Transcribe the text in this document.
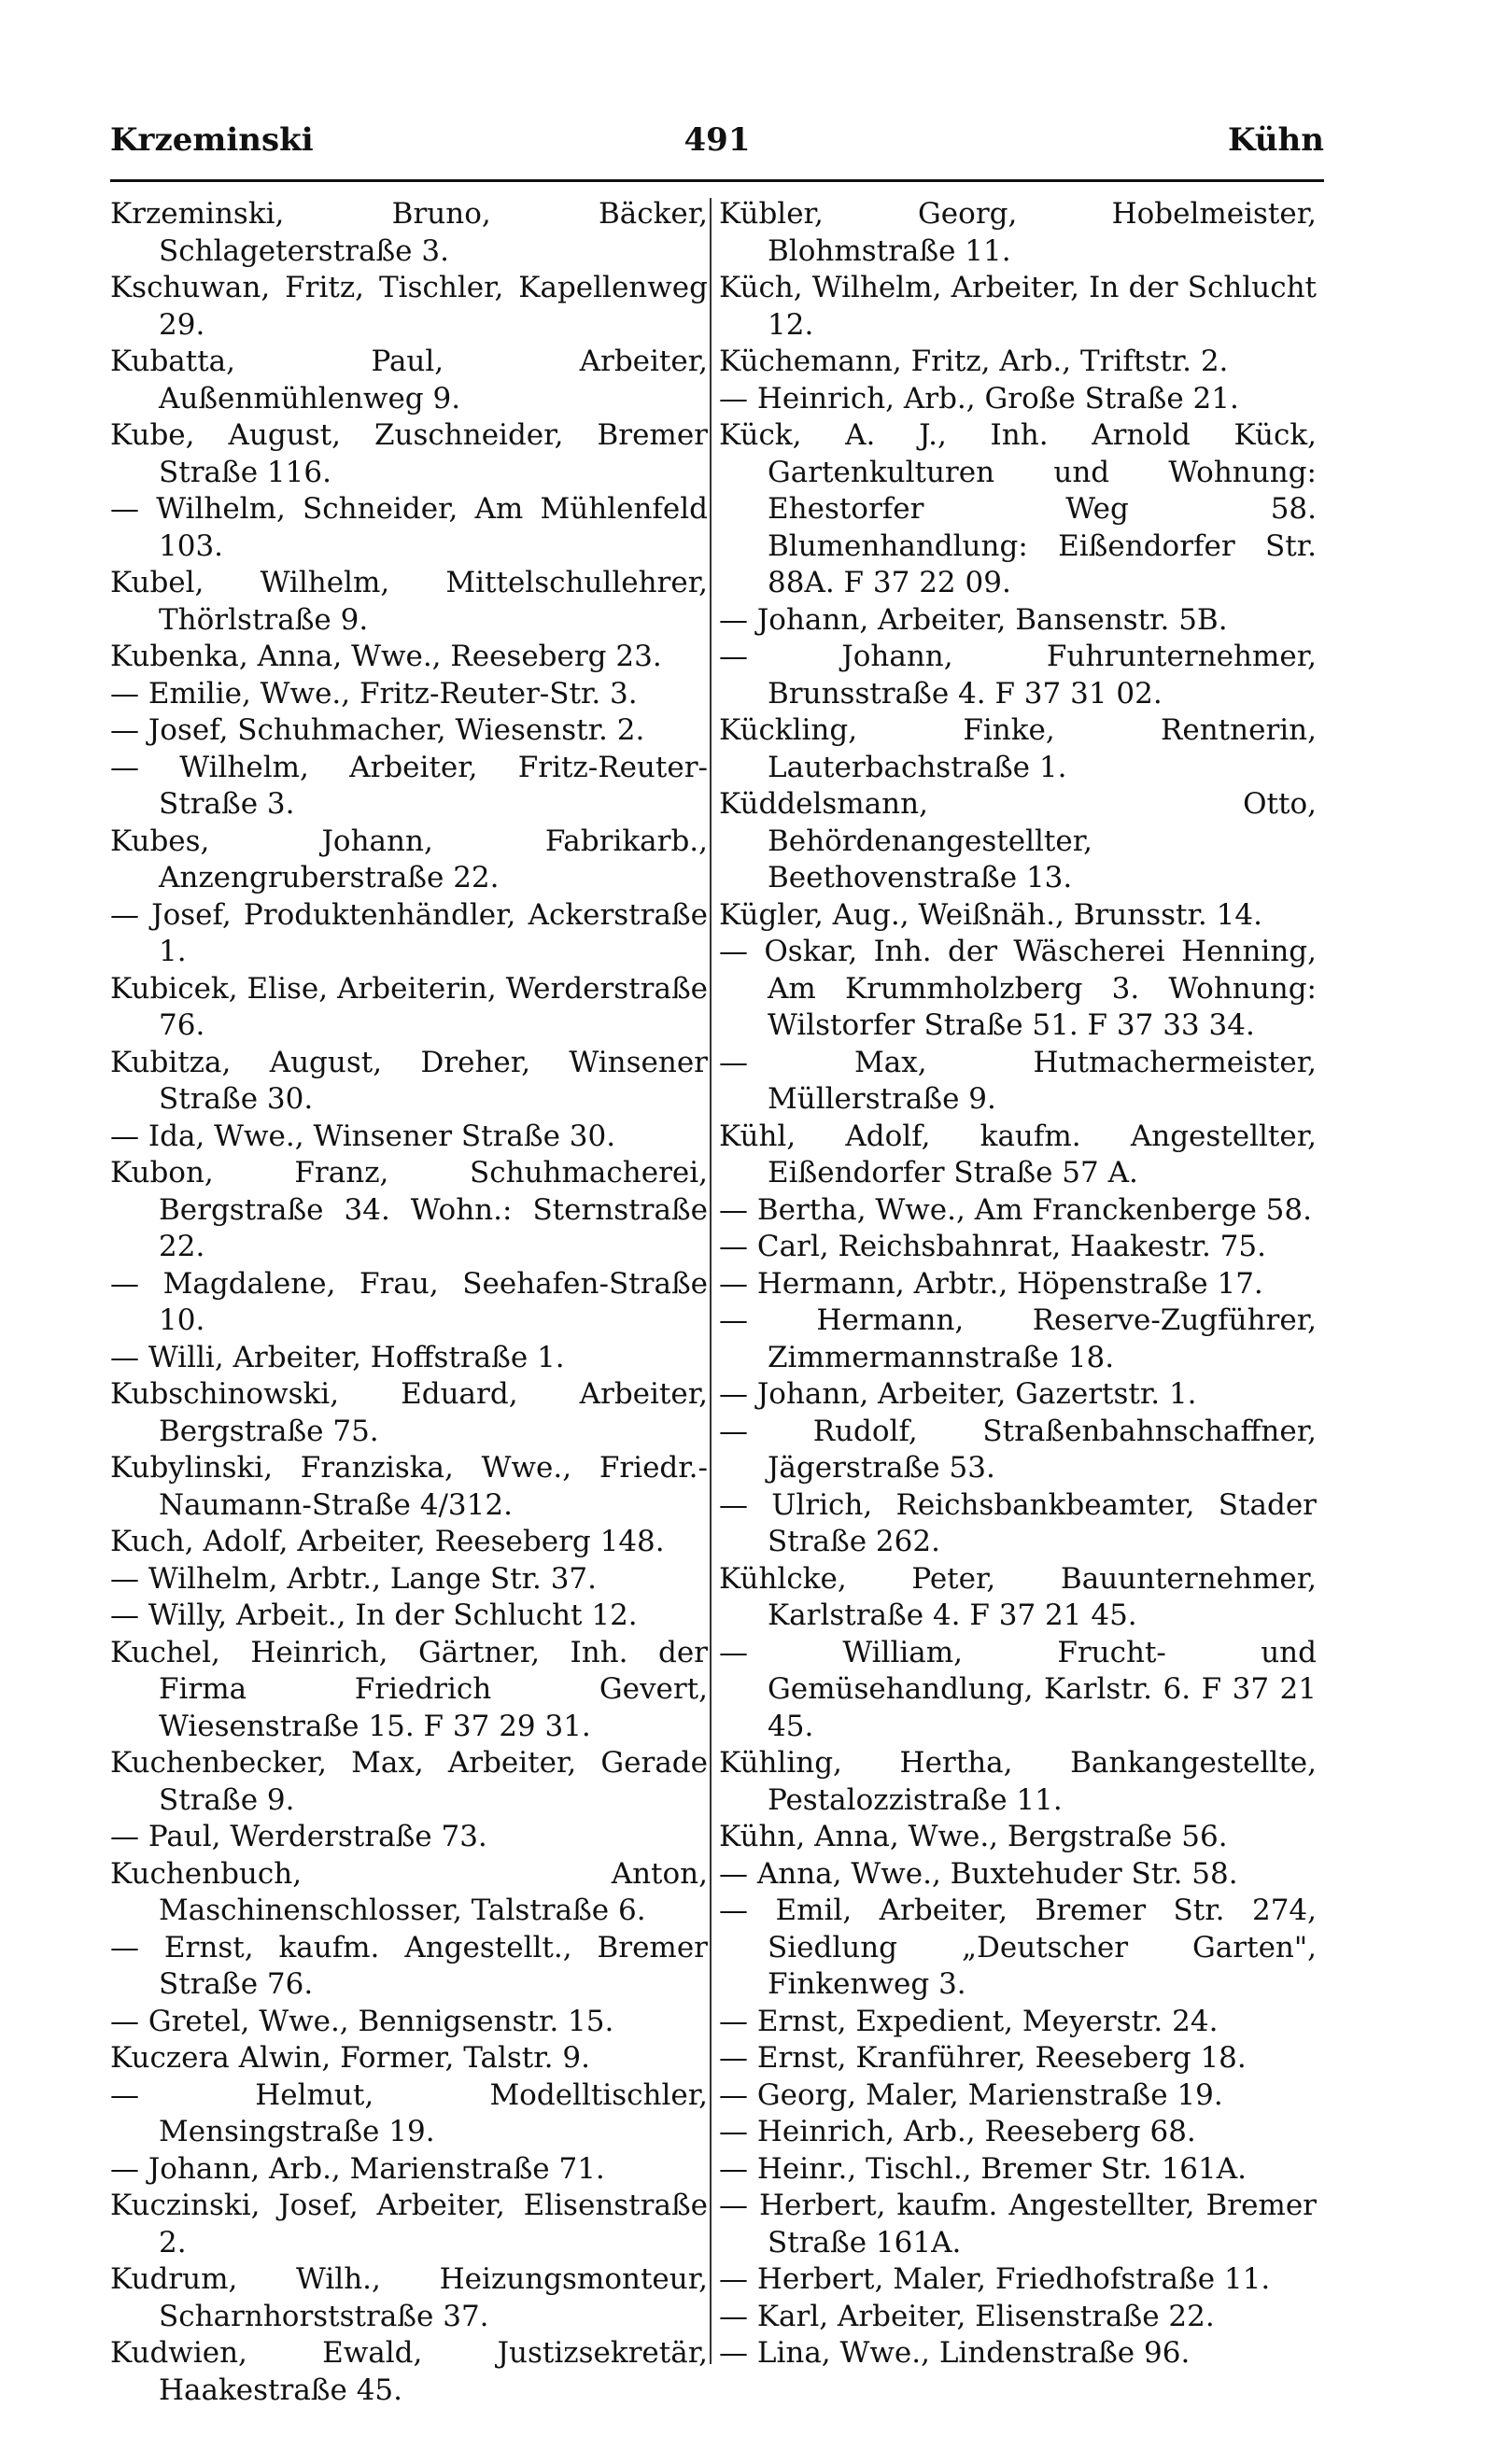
Krzeminski	491	Kühn
Krzeminski, Bruno, Bäcker, Schlageterstraße 3.
Kschuwan, Fritz, Tischler, Kapellenweg 29.
Kubatta, Paul, Arbeiter, Außenmühlenweg 9.
Kube, August, Zuschneider, Bremer Straße 116.
— Wilhelm, Schneider, Am Mühlenfeld 103.
Kubel, Wilhelm, Mittelschullehrer, Thörlstraße 9.
Kubenka, Anna, Wwe., Reeseberg 23.
— Emilie, Wwe., Fritz-Reuter-Str. 3.
— Josef, Schuhmacher, Wiesenstr. 2.
— Wilhelm, Arbeiter, Fritz-Reuter-Straße 3.
Kubes, Johann, Fabrikarb., Anzengruberstraße 22.
— Josef, Produktenhändler, Ackerstraße 1.
Kubicek, Elise, Arbeiterin, Werderstraße 76.
Kubitza, August, Dreher, Winsener Straße 30.
— Ida, Wwe., Winsener Straße 30.
Kubon, Franz, Schuhmacherei, Bergstraße 34. Wohn.: Sternstraße 22.
— Magdalene, Frau, Seehafen-Straße 10.
— Willi, Arbeiter, Hoffstraße 1.
Kubschinowski, Eduard, Arbeiter, Bergstraße 75.
Kubylinski, Franziska, Wwe., Friedr.-Naumann-Straße 4/312.
Kuch, Adolf, Arbeiter, Reeseberg 148.
— Wilhelm, Arbtr., Lange Str. 37.
— Willy, Arbeit., In der Schlucht 12.
Kuchel, Heinrich, Gärtner, Inh. der Firma Friedrich Gevert, Wiesenstraße 15. F 37 29 31.
Kuchenbecker, Max, Arbeiter, Gerade Straße 9.
— Paul, Werderstraße 73.
Kuchenbuch, Anton, Maschinenschlosser, Talstraße 6.
— Ernst, kaufm. Angestellt., Bremer Straße 76.
— Gretel, Wwe., Bennigsenstr. 15.
Kuczera Alwin, Former, Talstr. 9.
— Helmut, Modelltischler, Mensingstraße 19.
— Johann, Arb., Marienstraße 71.
Kuczinski, Josef, Arbeiter, Elisenstraße 2.
Kudrum, Wilh., Heizungsmonteur, Scharnhorststraße 37.
Kudwien, Ewald, Justizsekretär, Haakestraße 45.
Kübler, Georg, Hobelmeister, Blohmstraße 11.
Küch, Wilhelm, Arbeiter, In der Schlucht 12.
Küchemann, Fritz, Arb., Triftstr. 2.
— Heinrich, Arb., Große Straße 21.
Kück, A. J., Inh. Arnold Kück, Gartenkulturen und Wohnung: Ehestorfer Weg 58. Blumenhandlung: Eißendorfer Str. 88A. F 37 22 09.
— Johann, Arbeiter, Bansenstr. 5B.
— Johann, Fuhrunternehmer, Brunsstraße 4. F 37 31 02.
Kückling, Finke, Rentnerin, Lauterbachstraße 1.
Küddelsmann, Otto, Behördenangestellter, Beethovenstraße 13.
Kügler, Aug., Weißnäh., Brunsstr. 14.
— Oskar, Inh. der Wäscherei Henning, Am Krummholzberg 3. Wohnung: Wilstorfer Straße 51. F 37 33 34.
— Max, Hutmachermeister, Müllerstraße 9.
Kühl, Adolf, kaufm. Angestellter, Eißendorfer Straße 57 A.
— Bertha, Wwe., Am Franckenberge 58.
— Carl, Reichsbahnrat, Haakestr. 75.
— Hermann, Arbtr., Höpenstraße 17.
— Hermann, Reserve-Zugführer, Zimmermannstraße 18.
— Johann, Arbeiter, Gazertstr. 1.
— Rudolf, Straßenbahnschaffner, Jägerstraße 53.
— Ulrich, Reichsbankbeamter, Stader Straße 262.
Kühlcke, Peter, Bauunternehmer, Karlstraße 4. F 37 21 45.
— William, Frucht- und Gemüsehandlung, Karlstr. 6. F 37 21 45.
Kühling, Hertha, Bankangestellte, Pestalozzistraße 11.
Kühn, Anna, Wwe., Bergstraße 56.
— Anna, Wwe., Buxtehuder Str. 58.
— Emil, Arbeiter, Bremer Str. 274, Siedlung „Deutscher Garten", Finkenweg 3.
— Ernst, Expedient, Meyerstr. 24.
— Ernst, Kranführer, Reeseberg 18.
— Georg, Maler, Marienstraße 19.
— Heinrich, Arb., Reeseberg 68.
— Heinr., Tischl., Bremer Str. 161A.
— Herbert, kaufm. Angestellter, Bremer Straße 161A.
— Herbert, Maler, Friedhofstraße 11.
— Karl, Arbeiter, Elisenstraße 22.
— Lina, Wwe., Lindenstraße 96.
